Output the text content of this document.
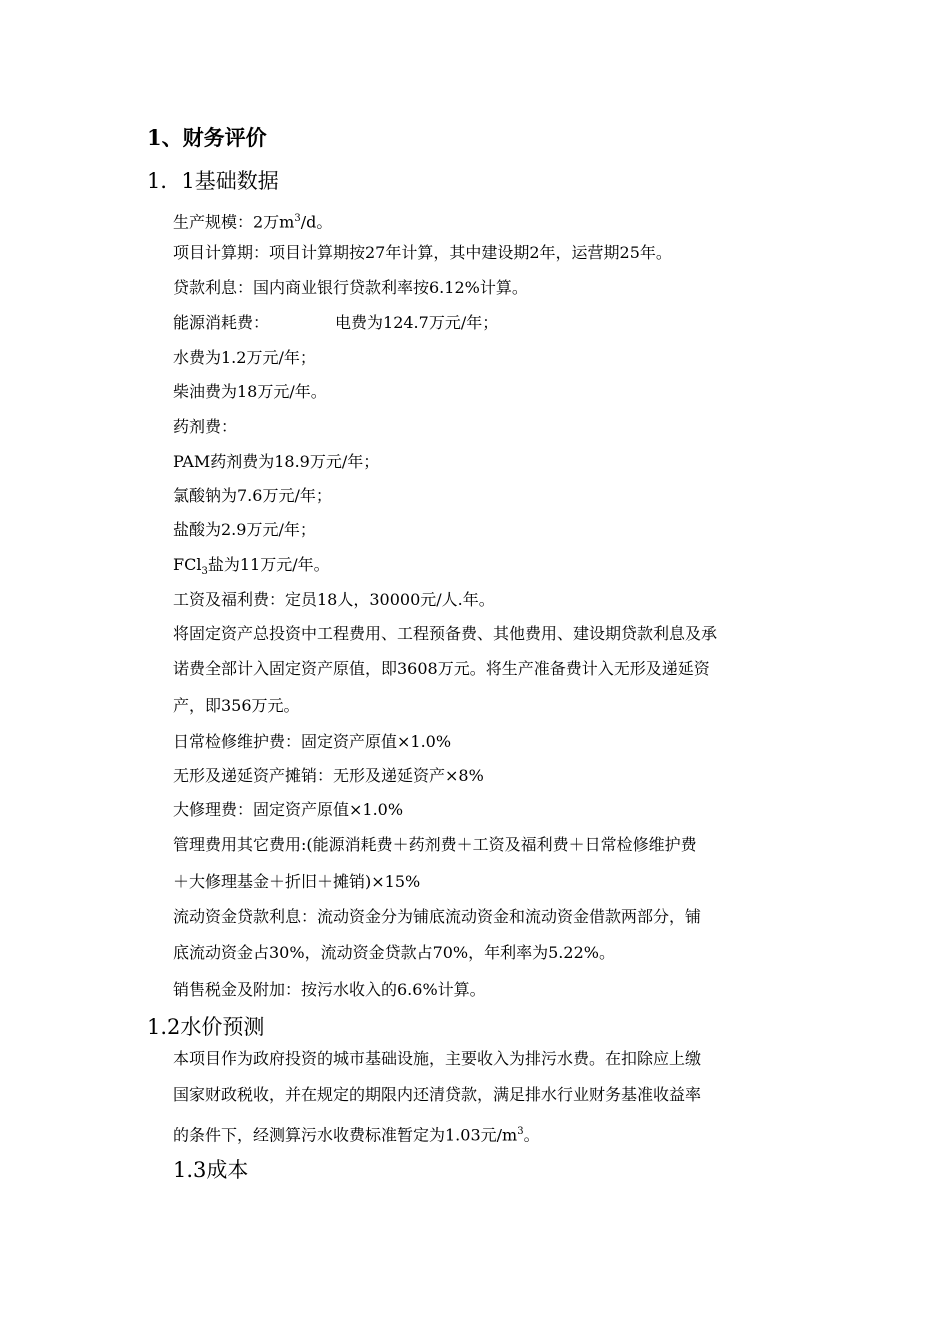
1、财务评价
1．1基础数据
生产规模：2万$m^3/d$。
项目计算期：项目计算期按27年计算，其中建设期2年，运营期25年。
贷款利息：国内商业银行贷款利率按6.12%计算。
能源消耗费：	电费为124.7万元/年；
水费为1.2万元/年；
柴油费为18万元/年。
药剂费：
PAM药剂费为18.9万元/年；
氯酸钠为7.6万元/年；
盐酸为2.9万元/年；
FCl$_3$盐为11万元/年。
工资及福利费：定员18人，30000元/人.年。
将固定资产总投资中工程费用、工程预备费、其他费用、建设期贷款利息及承
诺费全部计入固定资产原值，即3608万元。将生产准备费计入无形及递延资
产，即356万元。
日常检修维护费：固定资产原值×1.0%
无形及递延资产摊销：无形及递延资产×8%
大修理费：固定资产原值×1.0%
管理费用其它费用:(能源消耗费＋药剂费＋工资及福利费＋日常检修维护费
＋大修理基金＋折旧＋摊销)×15%
流动资金贷款利息：流动资金分为铺底流动资金和流动资金借款两部分，铺
底流动资金占30%，流动资金贷款占70%，年利率为5.22%。
销售税金及附加：按污水收入的6.6%计算。
1.2水价预测
本项目作为政府投资的城市基础设施，主要收入为排污水费。在扣除应上缴
国家财政税收，并在规定的期限内还清贷款，满足排水行业财务基准收益率
的条件下，经测算污水收费标准暂定为1.03元$/m^3$。
1.3成本
